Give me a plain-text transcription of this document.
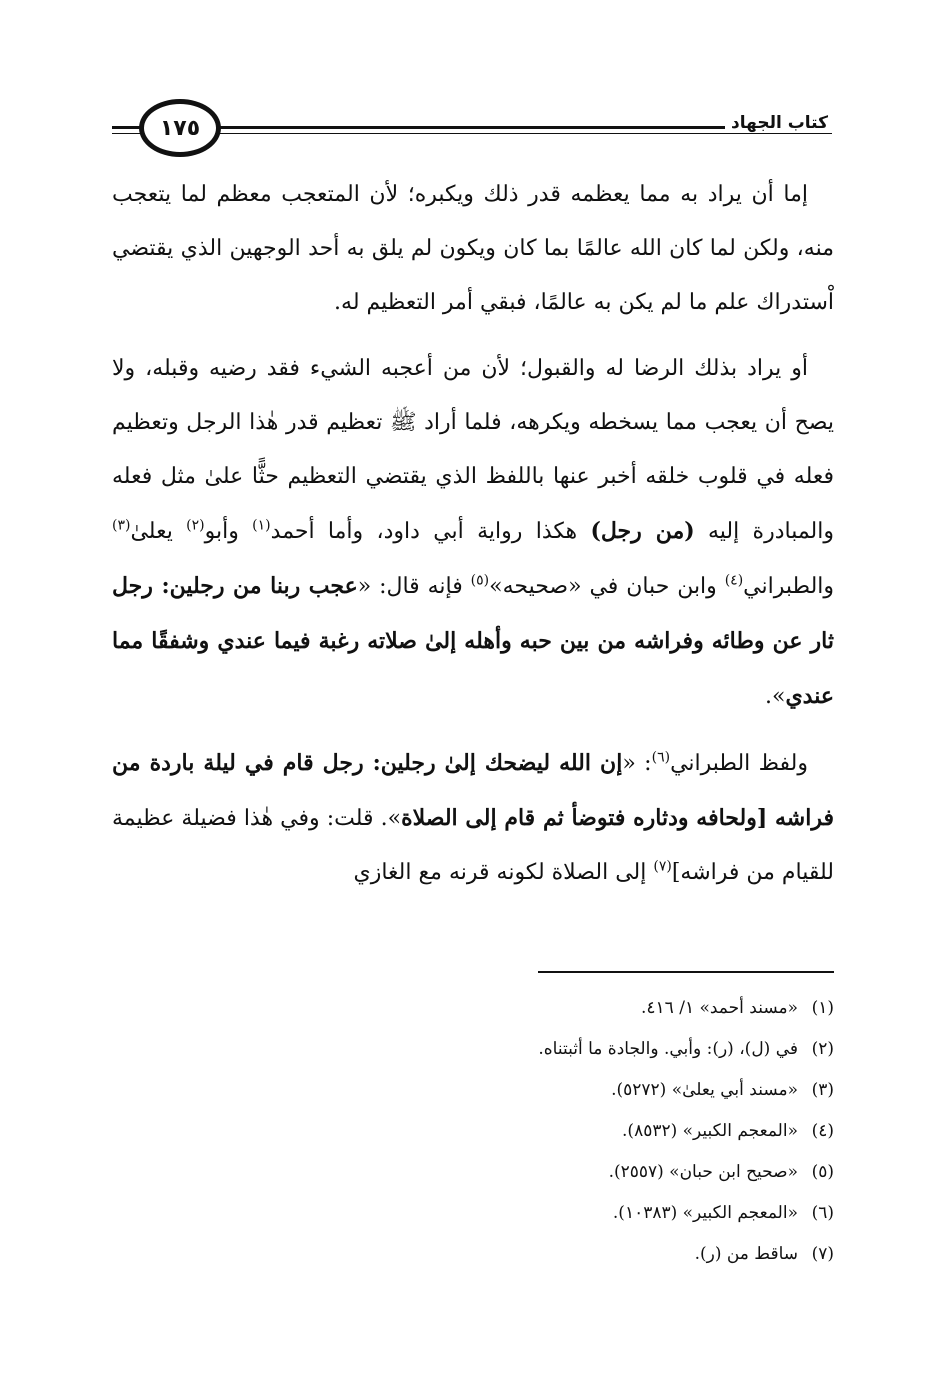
كتاب الجهاد
١٧٥

إما أن يراد به مما يعظمه قدر ذلك ويكبره؛ لأن المتعجب معظم لما يتعجب منه، ولكن لما كان الله عالمًا بما كان ويكون لم يلق به أحد الوجهين الذي يقتضي اْستدراك علم ما لم يكن به عالمًا، فبقي أمر التعظيم له.

أو يراد بذلك الرضا له والقبول؛ لأن من أعجبه الشيء فقد رضيه وقبله، ولا يصح أن يعجب مما يسخطه ويكرهه، فلما أراد ﷺ تعظيم قدر هٰذا الرجل وتعظيم فعله في قلوب خلقه أخبر عنها باللفظ الذي يقتضي التعظيم حثًّا علىٰ مثل فعله والمبادرة إليه (من رجل) هكذا رواية أبي داود، وأما أحمد$^{(١)}$ وأبو$^{(٢)}$ يعلىٰ$^{(٣)}$ والطبراني$^{(٤)}$ وابن حبان في «صحيحه»$^{(٥)}$ فإنه قال: «عجب ربنا من رجلين: رجل ثار عن وطائه وفراشه من بين حبه وأهله إلىٰ صلاته رغبة فيما عندي وشفقًا مما عندي».

ولفظ الطبراني$^{(٦)}$: «إن الله ليضحك إلىٰ رجلين: رجل قام في ليلة باردة من فراشه [ولحافه ودثاره فتوضأ ثم قام إلى الصلاة». قلت: وفي هٰذا فضيلة عظيمة للقيام من فراشه]$^{(٧)}$ إلى الصلاة لكونه قرنه مع الغازي

(١)«مسند أحمد» ١/ ٤١٦.
(٢)في (ل)، (ر): وأبي. والجادة ما أثبتناه.
(٣)«مسند أبي يعلىٰ» (٥٢٧٢).
(٤)«المعجم الكبير» (٨٥٣٢).
(٥)«صحيح ابن حبان» (٢٥٥٧).
(٦)«المعجم الكبير» (١٠٣٨٣).
(٧)ساقط من (ر).
